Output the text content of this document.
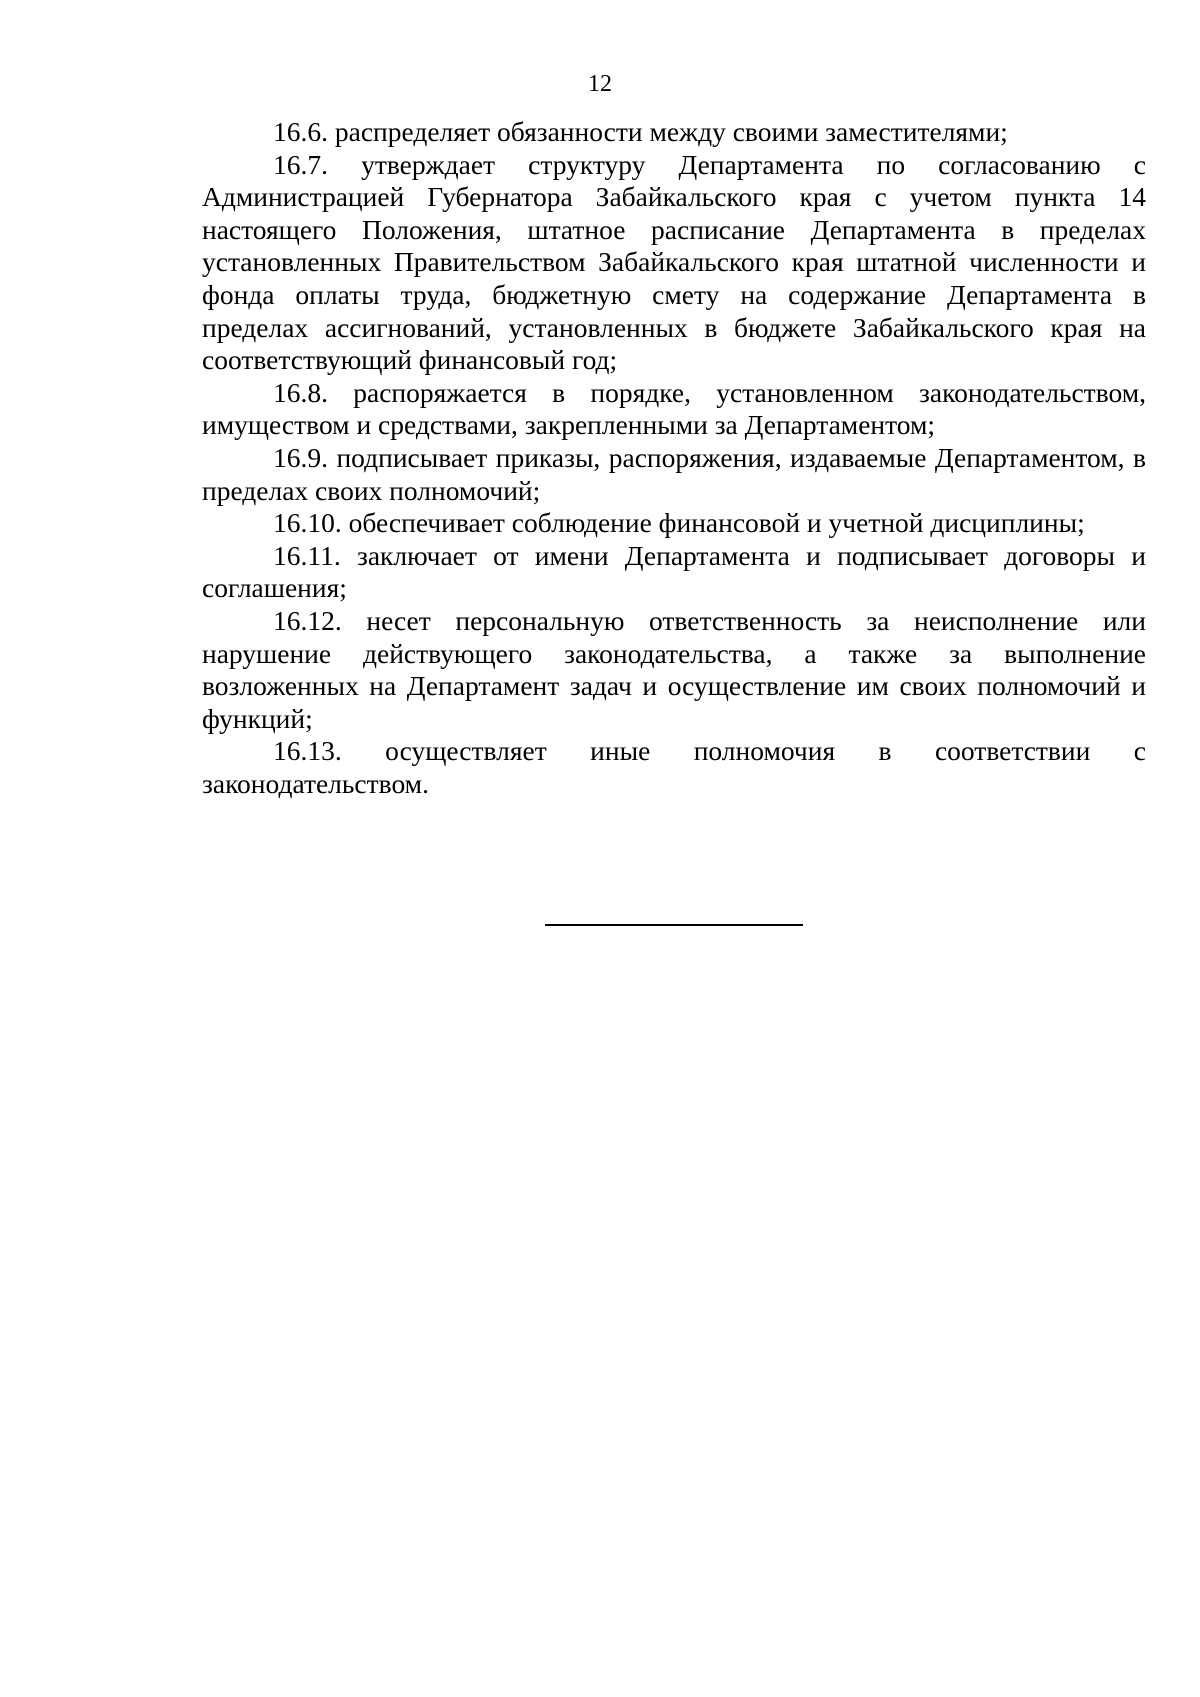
12

16.6. распределяет обязанности между своими заместителями;

16.7. утверждает структуру Департамента по согласованию с Администрацией Губернатора Забайкальского края с учетом пункта 14 настоящего Положения, штатное расписание Департамента в пределах установленных Правительством Забайкальского края штатной численности и фонда оплаты труда, бюджетную смету на содержание Департамента в пределах ассигнований, установленных в бюджете Забайкальского края на соответствующий финансовый год;

16.8. распоряжается в порядке, установленном законодательством, имуществом и средствами, закрепленными за Департаментом;

16.9. подписывает приказы, распоряжения, издаваемые Департаментом, в пределах своих полномочий;

16.10. обеспечивает соблюдение финансовой и учетной дисциплины;

16.11. заключает от имени Департамента и подписывает договоры и соглашения;

16.12. несет персональную ответственность за неисполнение или нарушение действующего законодательства, а также за выполнение возложенных на Департамент задач и осуществление им своих полномочий и функций;

16.13. осуществляет иные полномочия в соответствии с законодательством.
